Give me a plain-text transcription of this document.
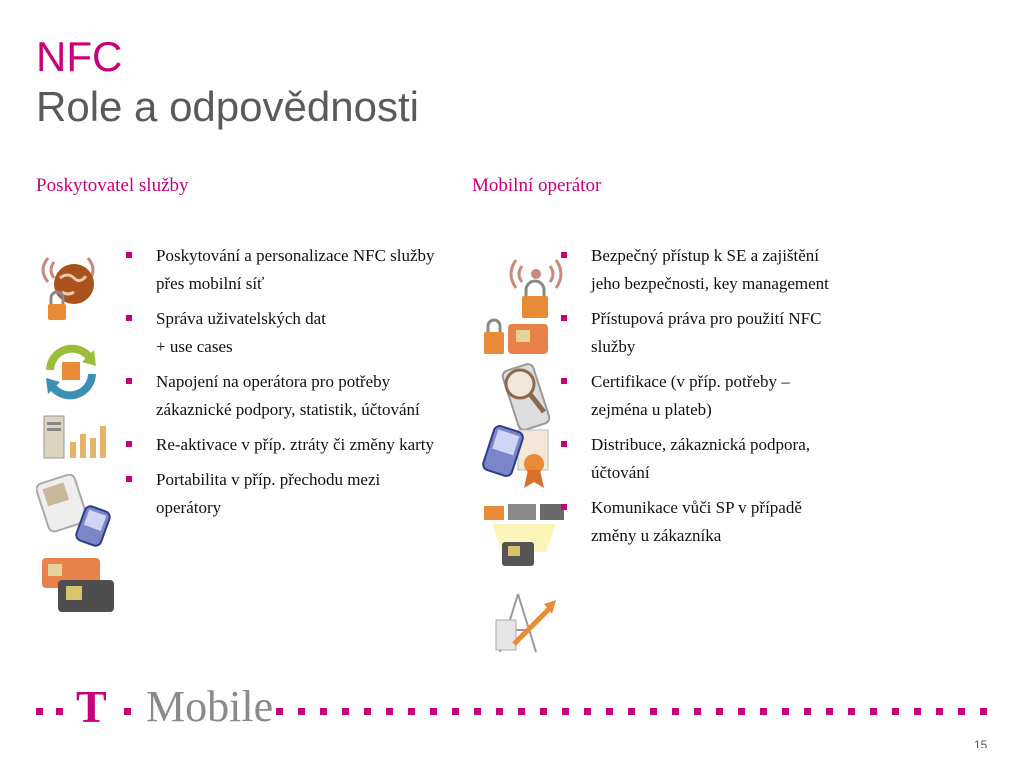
NFC
Role a odpovědnosti
Poskytovatel služby	Mobilní operátor
Poskytování a personalizace NFC služby
přes mobilní síť
Správa uživatelských dat
+ use cases
Napojení na operátora pro potřeby
zákaznické podpory, statistik, účtování
Re-aktivace v příp. ztráty či změny karty
Portabilita v příp. přechodu mezi
operátory
Bezpečný přístup k SE a zajištění
jeho bezpečnosti, key management
Přístupová práva pro použití NFC
služby
Certifikace (v příp. potřeby –
zejména u plateb)
Distribuce, zákaznická podpora,
účtování
Komunikace vůči SP v případě
změny u zákazníka
T Mobile
15
